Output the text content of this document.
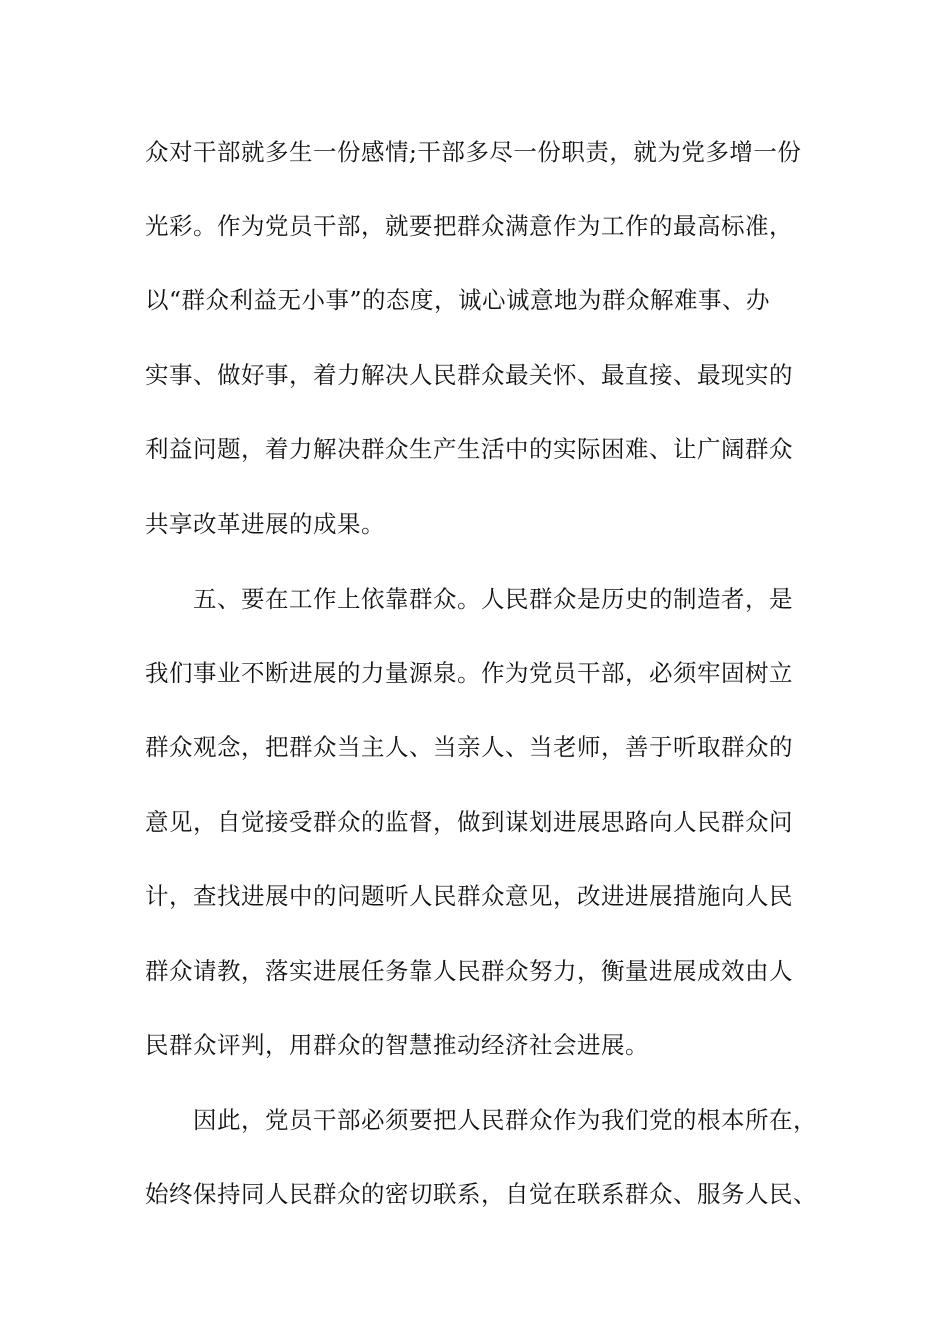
众对干部就多生一份感情;干部多尽一份职责，就为党多增一份
光彩。作为党员干部，就要把群众满意作为工作的最高标准，
以“群众利益无小事”的态度，诚心诚意地为群众解难事、办
实事、做好事，着力解决人民群众最关怀、最直接、最现实的
利益问题，着力解决群众生产生活中的实际困难、让广阔群众
共享改革进展的成果。
五、要在工作上依靠群众。人民群众是历史的制造者，是
我们事业不断进展的力量源泉。作为党员干部，必须牢固树立
群众观念，把群众当主人、当亲人、当老师，善于听取群众的
意见，自觉接受群众的监督，做到谋划进展思路向人民群众问
计，查找进展中的问题听人民群众意见，改进进展措施向人民
群众请教，落实进展任务靠人民群众努力，衡量进展成效由人
民群众评判，用群众的智慧推动经济社会进展。
因此，党员干部必须要把人民群众作为我们党的根本所在，
始终保持同人民群众的密切联系，自觉在联系群众、服务人民、
